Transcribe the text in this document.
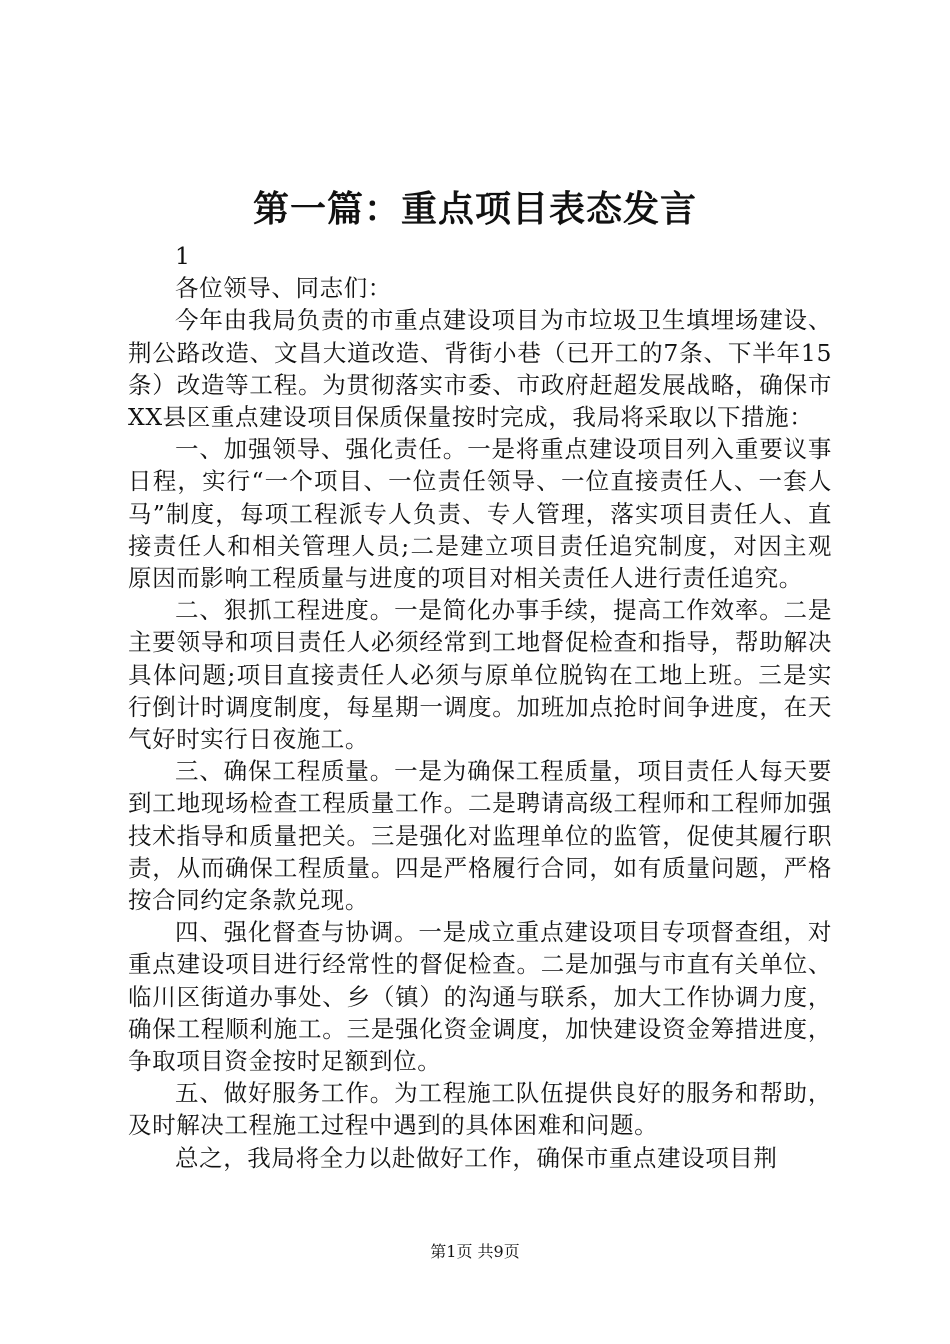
第一篇：重点项目表态发言

1

各位领导、同志们：

今年由我局负责的市重点建设项目为市垃圾卫生填埋场建设、荆公路改造、文昌大道改造、背街小巷（已开工的7条、下半年15条）改造等工程。为贯彻落实市委、市政府赶超发展战略，确保市XX县区重点建设项目保质保量按时完成，我局将采取以下措施：

一、加强领导、强化责任。一是将重点建设项目列入重要议事日程，实行“一个项目、一位责任领导、一位直接责任人、一套人马”制度，每项工程派专人负责、专人管理，落实项目责任人、直接责任人和相关管理人员;二是建立项目责任追究制度，对因主观原因而影响工程质量与进度的项目对相关责任人进行责任追究。

二、狠抓工程进度。一是简化办事手续，提高工作效率。二是主要领导和项目责任人必须经常到工地督促检查和指导，帮助解决具体问题;项目直接责任人必须与原单位脱钩在工地上班。三是实行倒计时调度制度，每星期一调度。加班加点抢时间争进度，在天气好时实行日夜施工。

三、确保工程质量。一是为确保工程质量，项目责任人每天要到工地现场检查工程质量工作。二是聘请高级工程师和工程师加强技术指导和质量把关。三是强化对监理单位的监管，促使其履行职责，从而确保工程质量。四是严格履行合同，如有质量问题，严格按合同约定条款兑现。

四、强化督查与协调。一是成立重点建设项目专项督查组，对重点建设项目进行经常性的督促检查。二是加强与市直有关单位、临川区街道办事处、乡（镇）的沟通与联系，加大工作协调力度，确保工程顺利施工。三是强化资金调度，加快建设资金筹措进度，争取项目资金按时足额到位。

五、做好服务工作。为工程施工队伍提供良好的服务和帮助，及时解决工程施工过程中遇到的具体困难和问题。

总之，我局将全力以赴做好工作，确保市重点建设项目荆

第1页 共9页
